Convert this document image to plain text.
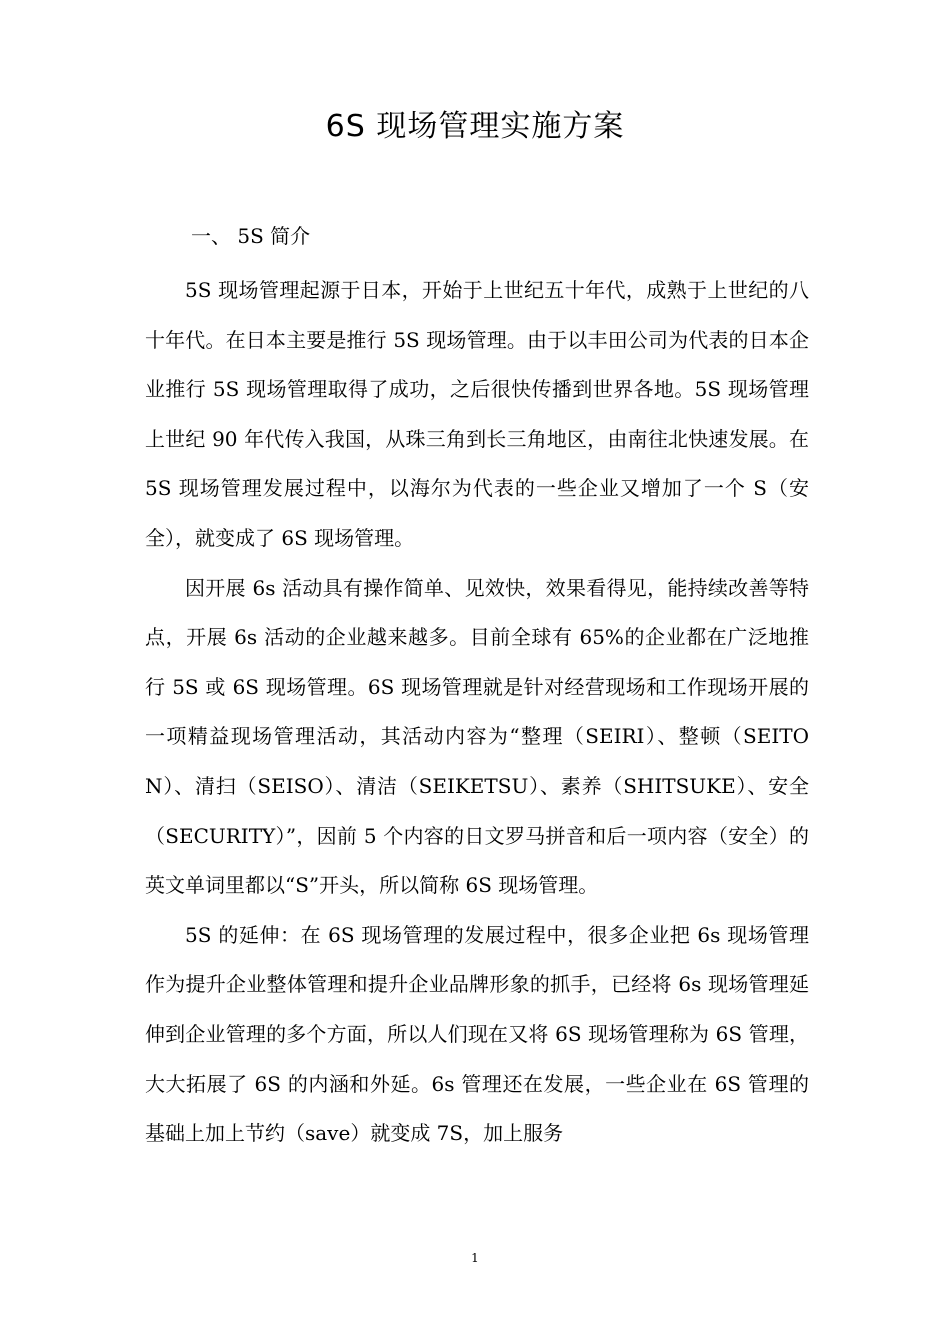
6S 现场管理实施方案
一、 5S 简介

5S 现场管理起源于日本，开始于上世纪五十年代，成熟于上世纪的八十年代。在日本主要是推行 5S 现场管理。由于以丰田公司为代表的日本企业推行 5S 现场管理取得了成功，之后很快传播到世界各地。5S 现场管理上世纪 90 年代传入我国，从珠三角到长三角地区，由南往北快速发展。在 5S 现场管理发展过程中，以海尔为代表的一些企业又增加了一个 S（安全），就变成了 6S 现场管理。

因开展 6s 活动具有操作简单、见效快，效果看得见，能持续改善等特点，开展 6s 活动的企业越来越多。目前全球有 65%的企业都在广泛地推行 5S 或 6S 现场管理。6S 现场管理就是针对经营现场和工作现场开展的一项精益现场管理活动，其活动内容为“整理（SEIRI）、整顿（SEITON）、清扫（SEISO）、清洁（SEIKETSU）、素养（SHITSUKE）、安全（SECURITY）”，因前 5 个内容的日文罗马拼音和后一项内容（安全）的英文单词里都以“S”开头，所以简称 6S 现场管理。

5S 的延伸：在 6S 现场管理的发展过程中，很多企业把 6s 现场管理作为提升企业整体管理和提升企业品牌形象的抓手，已经将 6s 现场管理延伸到企业管理的多个方面，所以人们现在又将 6S 现场管理称为 6S 管理，大大拓展了 6S 的内涵和外延。6s 管理还在发展，一些企业在 6S 管理的基础上加上节约（save）就变成 7S，加上服务

1
